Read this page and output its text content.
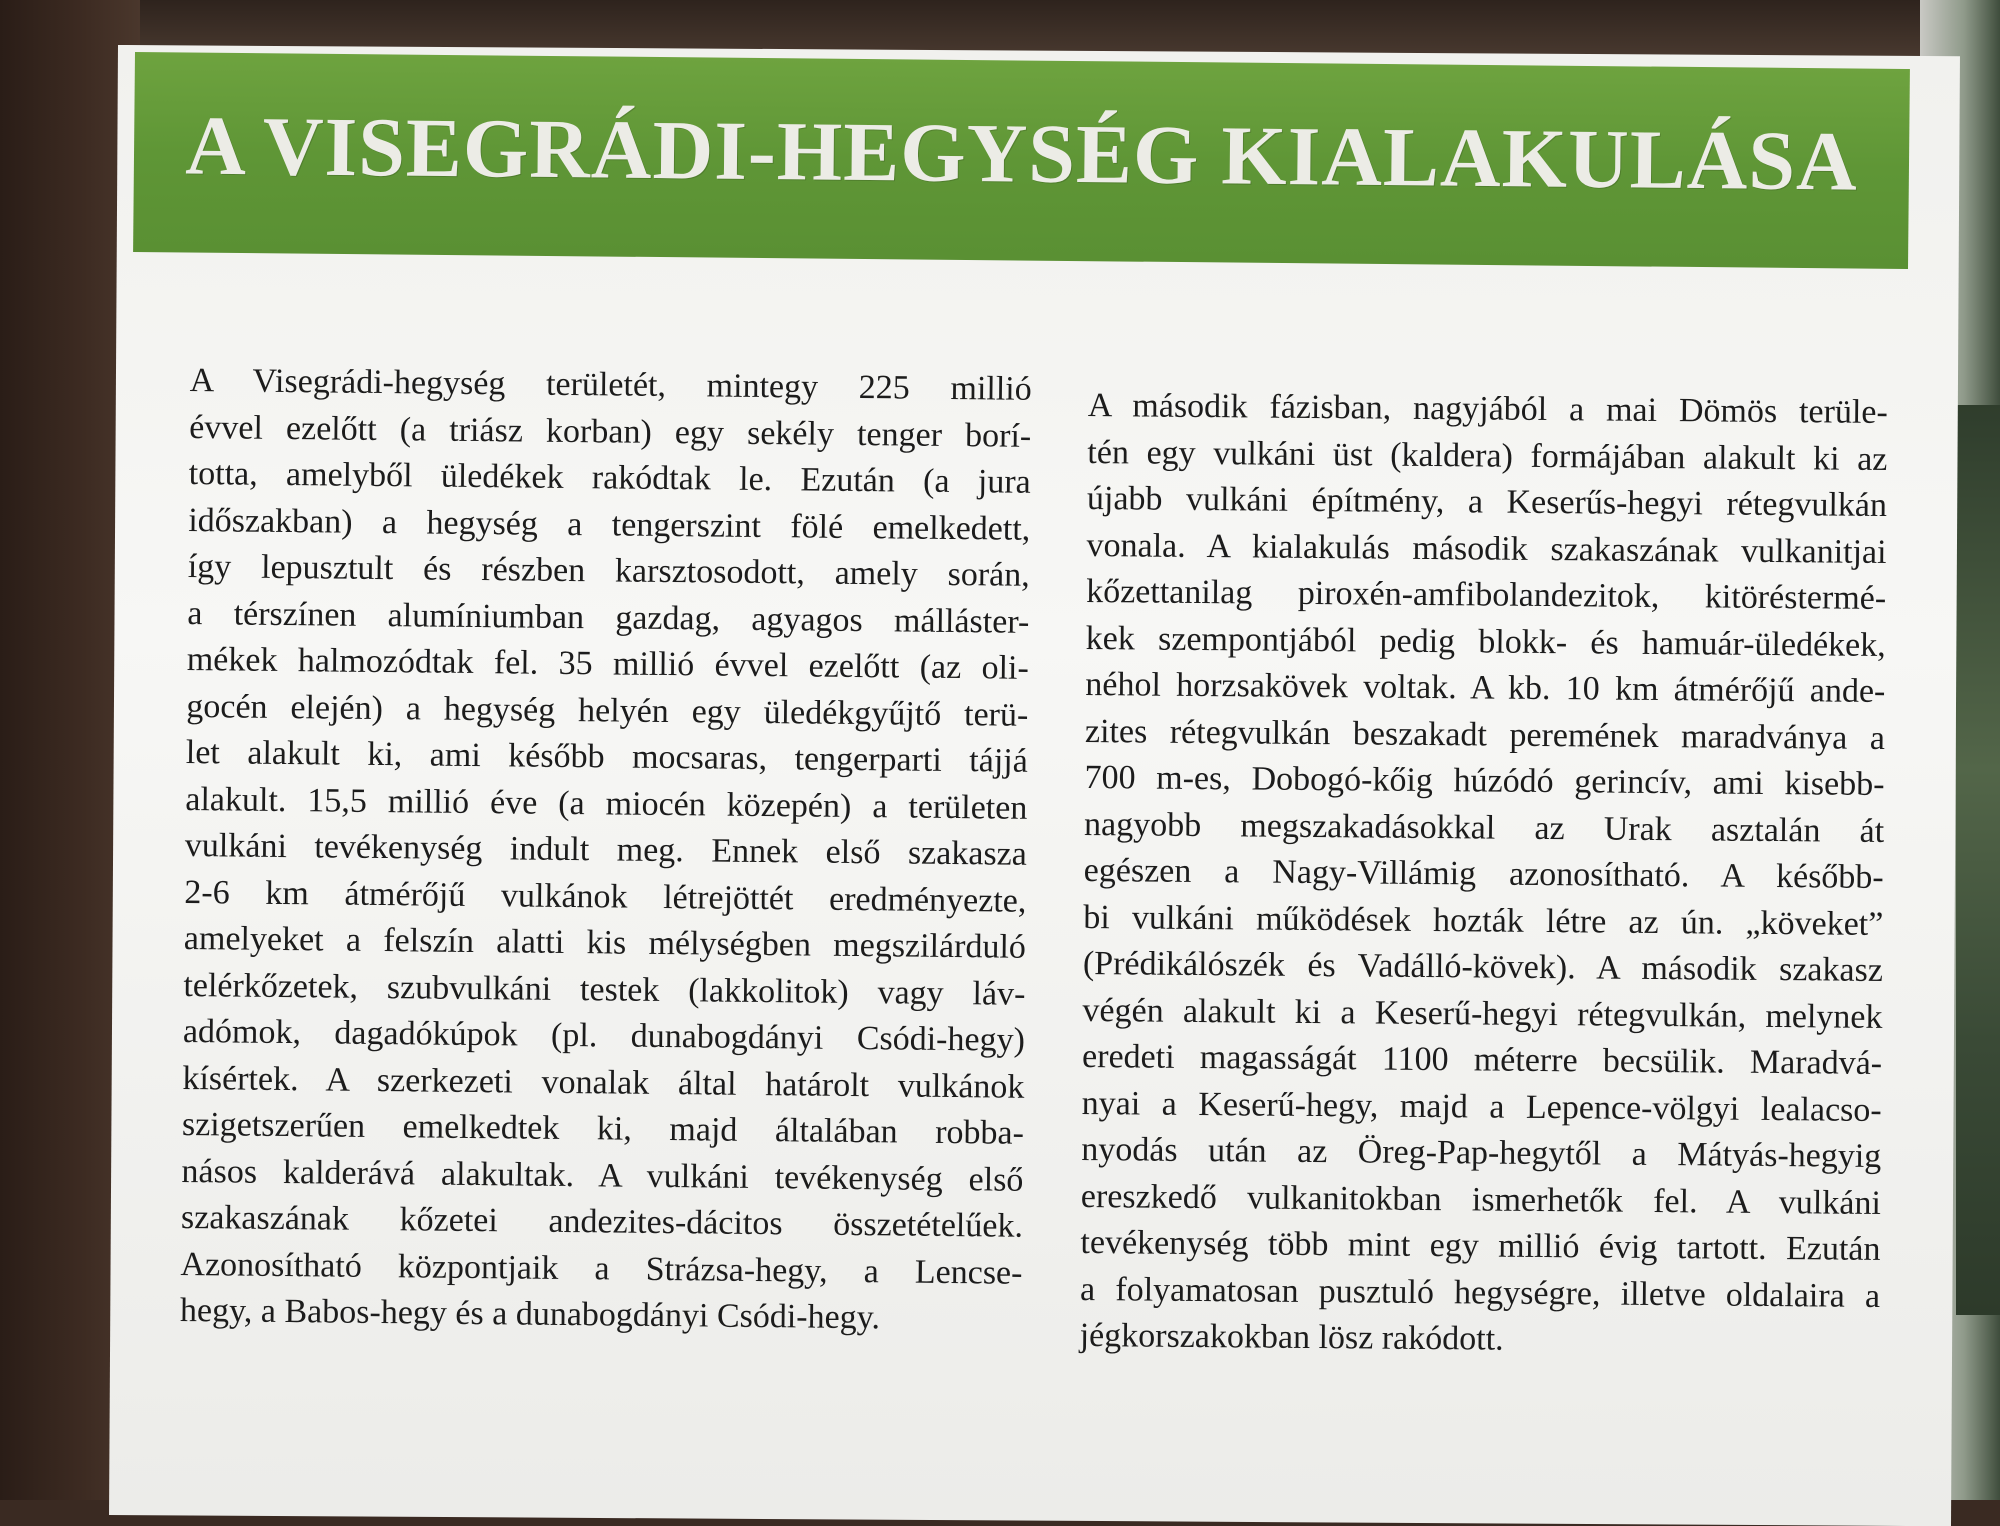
A VISEGRÁDI-HEGYSÉG KIALAKULÁSA
A Visegrádi-hegység területét, mintegy 225 millió
évvel ezelőtt (a triász korban) egy sekély tenger borí-
totta, amelyből üledékek rakódtak le. Ezután (a jura
időszakban) a hegység a tengerszint fölé emelkedett,
így lepusztult és részben karsztosodott, amely során,
a térszínen alumíniumban gazdag, agyagos málláster-
mékek halmozódtak fel. 35 millió évvel ezelőtt (az oli-
gocén elején) a hegység helyén egy üledékgyűjtő terü-
let alakult ki, ami később mocsaras, tengerparti tájjá
alakult. 15,5 millió éve (a miocén közepén) a területen
vulkáni tevékenység indult meg. Ennek első szakasza
2-6 km átmérőjű vulkánok létrejöttét eredményezte,
amelyeket a felszín alatti kis mélységben megszilárduló
telérkőzetek, szubvulkáni testek (lakkolitok) vagy láv-
adómok, dagadókúpok (pl. dunabogdányi Csódi-hegy)
kísértek. A szerkezeti vonalak által határolt vulkánok
szigetszerűen emelkedtek ki, majd általában robba-
násos kalderává alakultak. A vulkáni tevékenység első
szakaszának kőzetei andezites-dácitos összetételűek.
Azonosítható központjaik a Strázsa-hegy, a Lencse-
hegy, a Babos-hegy és a dunabogdányi Csódi-hegy.
A második fázisban, nagyjából a mai Dömös terüle-
tén egy vulkáni üst (kaldera) formájában alakult ki az
újabb vulkáni építmény, a Keserűs-hegyi rétegvulkán
vonala. A kialakulás második szakaszának vulkanitjai
kőzettanilag piroxén-amfibolandezitok, kitöréstermé-
kek szempontjából pedig blokk- és hamuár-üledékek,
néhol horzsakövek voltak. A kb. 10 km átmérőjű ande-
zites rétegvulkán beszakadt peremének maradványa a
700 m-es, Dobogó-kőig húzódó gerincív, ami kisebb-
nagyobb megszakadásokkal az Urak asztalán át
egészen a Nagy-Villámig azonosítható. A később-
bi vulkáni működések hozták létre az ún. „köveket”
(Prédikálószék és Vadálló-kövek). A második szakasz
végén alakult ki a Keserű-hegyi rétegvulkán, melynek
eredeti magasságát 1100 méterre becsülik. Maradvá-
nyai a Keserű-hegy, majd a Lepence-völgyi lealacso-
nyodás után az Öreg-Pap-hegytől a Mátyás-hegyig
ereszkedő vulkanitokban ismerhetők fel. A vulkáni
tevékenység több mint egy millió évig tartott. Ezután
a folyamatosan pusztuló hegységre, illetve oldalaira a
jégkorszakokban lösz rakódott.
